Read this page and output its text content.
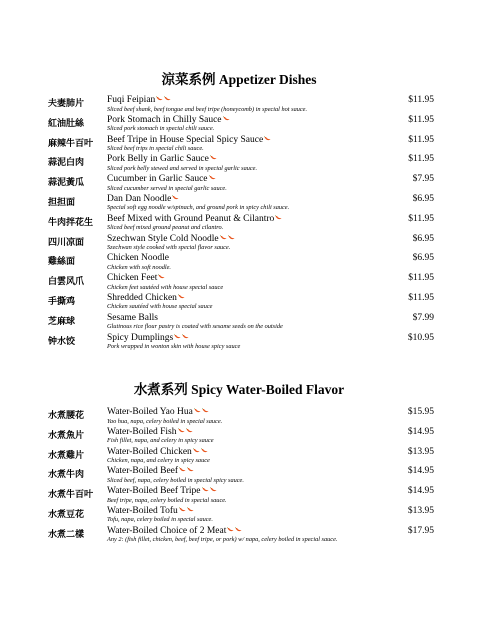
涼菜系例 Appetizer Dishes
夫妻肺片 Fuqi Feipian
Sliced beef shank, beef tongue and beef tripe (honeycomb) in special hot sauce.
$11.95
紅油肚絲 Pork Stomach in Chilly Sauce
Sliced pork stomach in special chili sauce.
$11.95
麻辣牛百叶 Beef Tripe in House Special Spicy Sauce
Sliced beef trips in special chili sauce.
$11.95
蒜泥白肉 Pork Belly in Garlic Sauce
Sliced pork belly stewed and served in special garlic sauce.
$11.95
蒜泥黃瓜 Cucumber in Garlic Sauce
Sliced cucumber served in special garlic sauce.
$7.95
担担面	Dan Dan Noodle
Special soft egg noodle w/spinach, and ground pork in spicy chili sauce.
$6.95
牛肉拌花生 Beef Mixed with Ground Peanut & Cilantro
Sliced beef mixed ground peanut and cilantro.
$11.95
四川凉面 Szechwan Style Cold Noodle
Szechwan style cooked with special flavor sauce.
$6.95
雞絲面	Chicken Noodle
Chicken with soft noodle.
$6.95
白雲风爪 Chicken Feet
Chicken feet sautéed with house special sauce
$11.95
手撕鸡	Shredded Chicken
Chicken sautéed with house special sauce
$11.95
芝麻球	Sesame Balls
Glutinous rice flour pastry is coated with sesame seeds on the outside
$7.99
钟水饺	Spicy Dumplings
Pork wrapped in wonton skin with house spicy sauce
$10.95
水煮系列 Spicy Water-Boiled Flavor
水煮腰花 Water-Boiled Yao Hua
Yao hua, napa, celery boiled in special sauce.
$15.95
水煮魚片 Water-Boiled Fish
Fish fillet, napa, and celery in spicy sauce
$14.95
水煮雞片 Water-Boiled Chicken
Chicken, napa, and celery in spicy sauce
$13.95
水煮牛肉 Water-Boiled Beef
Sliced beef, napa, celery boiled in special spicy sauce.
$14.95
水煮牛百叶 Water-Boiled Beef Tripe
Beef tripe, napa, celery boiled in special sauce.
$14.95
水煮豆花 Water-Boiled Tofu
Tofu, napa, celery boiled in special sauce.
$13.95
水煮二樣 Water-Boiled Choice of 2 Meat
Any 2: (fish fillet, chicken, beef, beef tripe, or pork) w/ napa, celery boiled in special sauce.
$17.95
